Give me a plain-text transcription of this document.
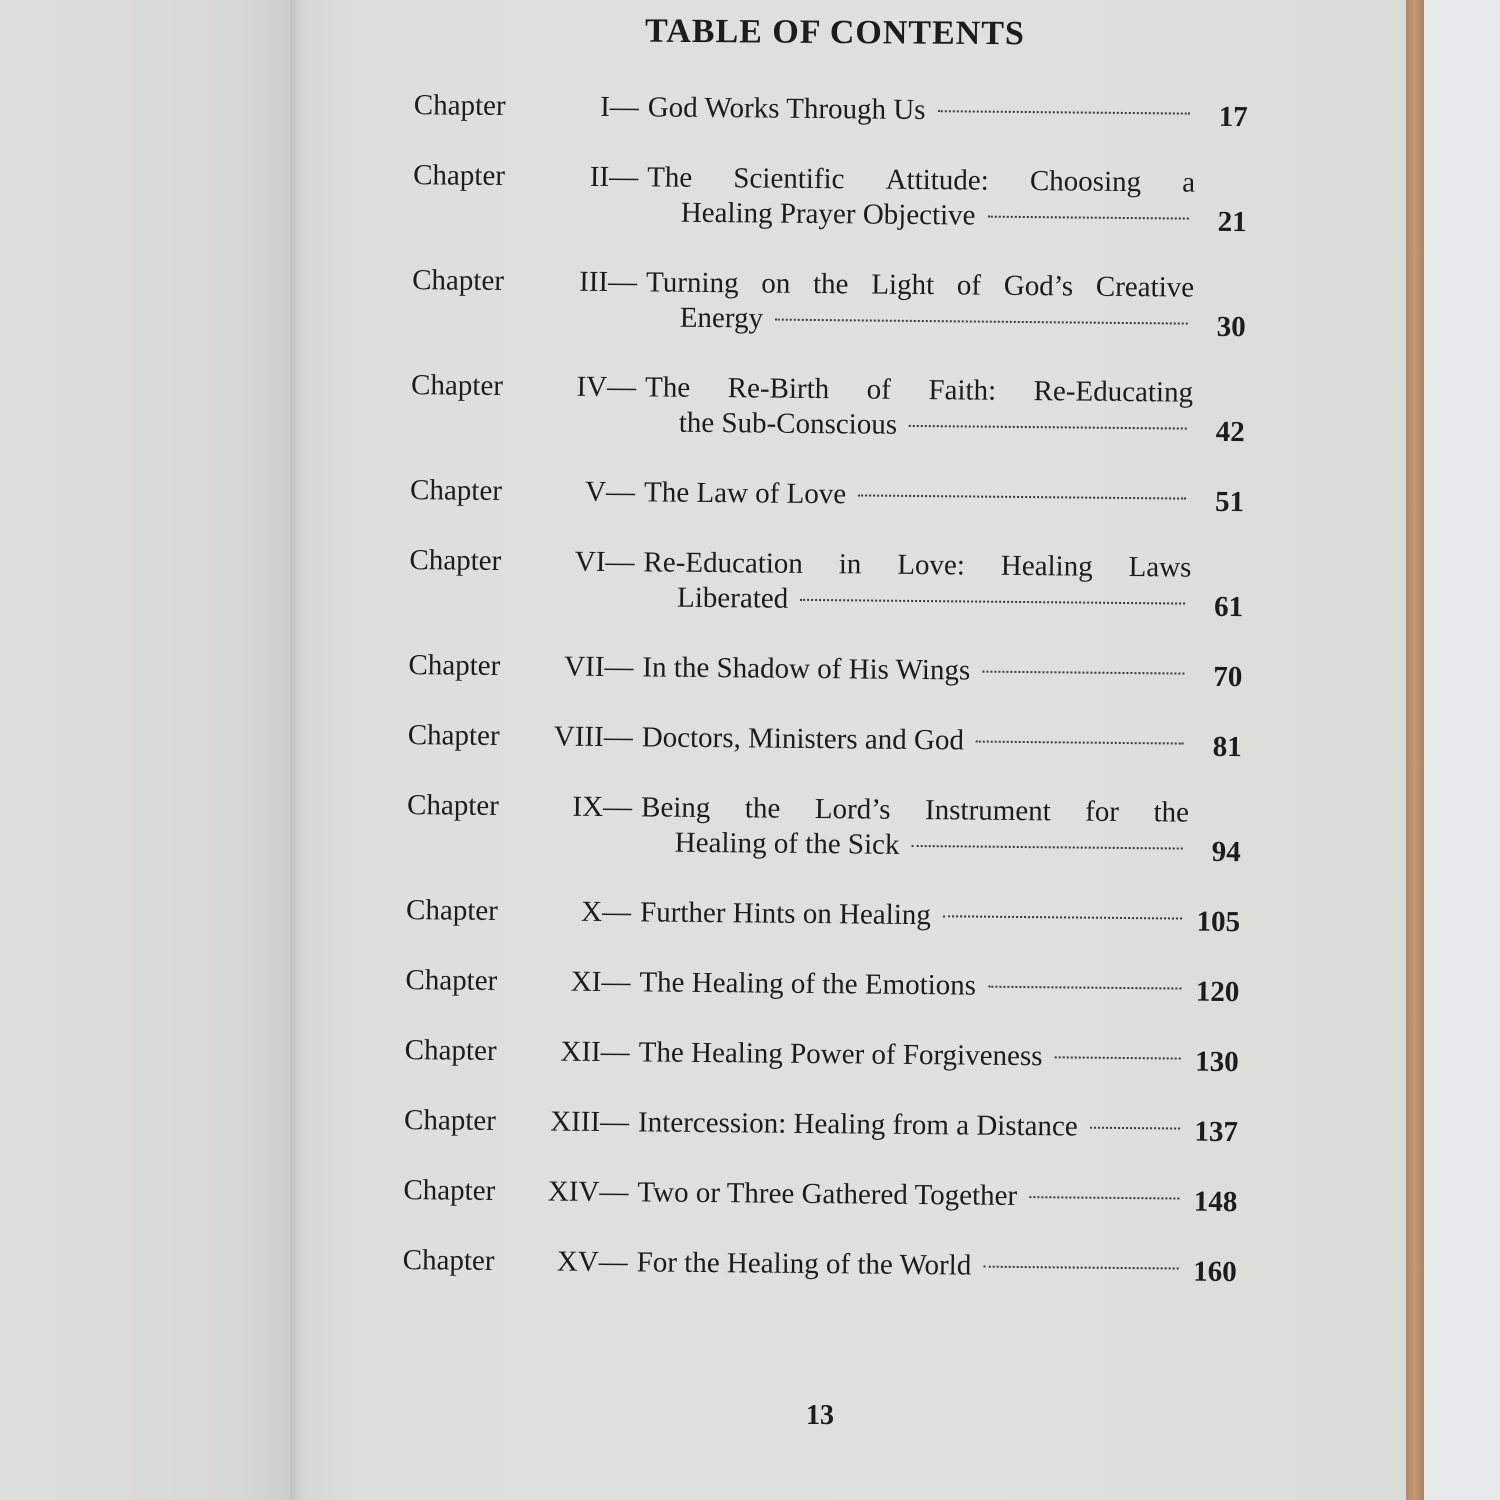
TABLE OF CONTENTS
Chapter	I — God Works Through Us	17
Chapter	II — The Scientific Attitude: Choosing a
Healing Prayer Objective	21
Chapter	III — Turning on the Light of God’s Creative
Energy	30
Chapter	IV — The Re-Birth of Faith: Re-Educating
the Sub-Conscious	42
Chapter	V — The Law of Love	51
Chapter	VI — Re-Education in Love: Healing Laws
Liberated	61
Chapter VII — In the Shadow of His Wings	70
Chapter VIII — Doctors, Ministers and God	81
Chapter	IX — Being the Lord’s Instrument for the
Healing of the Sick	94
Chapter	X — Further Hints on Healing	105
Chapter	XI — The Healing of the Emotions	120
Chapter XII — The Healing Power of Forgiveness	130
Chapter XIII — Intercession: Healing from a Distance	137
Chapter XIV — Two or Three Gathered Together	148
Chapter XV — For the Healing of the World	160
13
